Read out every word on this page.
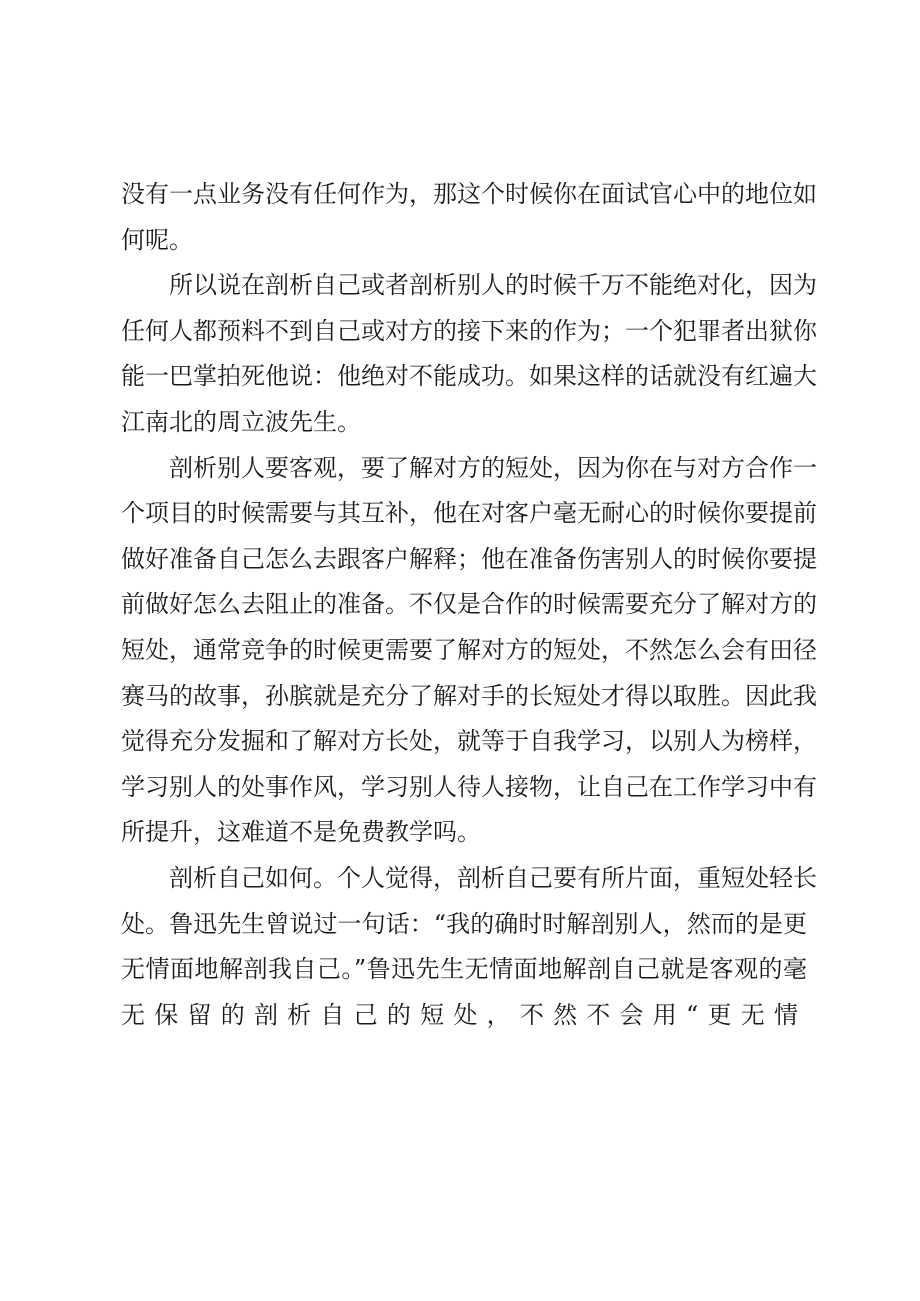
没有一点业务没有任何作为，那这个时候你在面试官心中的地位如
何呢。
所以说在剖析自己或者剖析别人的时候千万不能绝对化，因为
任何人都预料不到自己或对方的接下来的作为；一个犯罪者出狱你
能一巴掌拍死他说：他绝对不能成功。如果这样的话就没有红遍大
江南北的周立波先生。
剖析别人要客观，要了解对方的短处，因为你在与对方合作一
个项目的时候需要与其互补，他在对客户毫无耐心的时候你要提前
做好准备自己怎么去跟客户解释；他在准备伤害别人的时候你要提
前做好怎么去阻止的准备。不仅是合作的时候需要充分了解对方的
短处，通常竞争的时候更需要了解对方的短处，不然怎么会有田径
赛马的故事，孙膑就是充分了解对手的长短处才得以取胜。因此我
觉得充分发掘和了解对方长处，就等于自我学习，以别人为榜样，
学习别人的处事作风，学习别人待人接物，让自己在工作学习中有
所提升，这难道不是免费教学吗。
剖析自己如何。个人觉得，剖析自己要有所片面，重短处轻长
处。鲁迅先生曾说过一句话：“我的确时时解剖别人，然而的是更
无情面地解剖我自己。”鲁迅先生无情面地解剖自己就是客观的毫
无保留的剖析自己的短处，不然不会用“更无情
